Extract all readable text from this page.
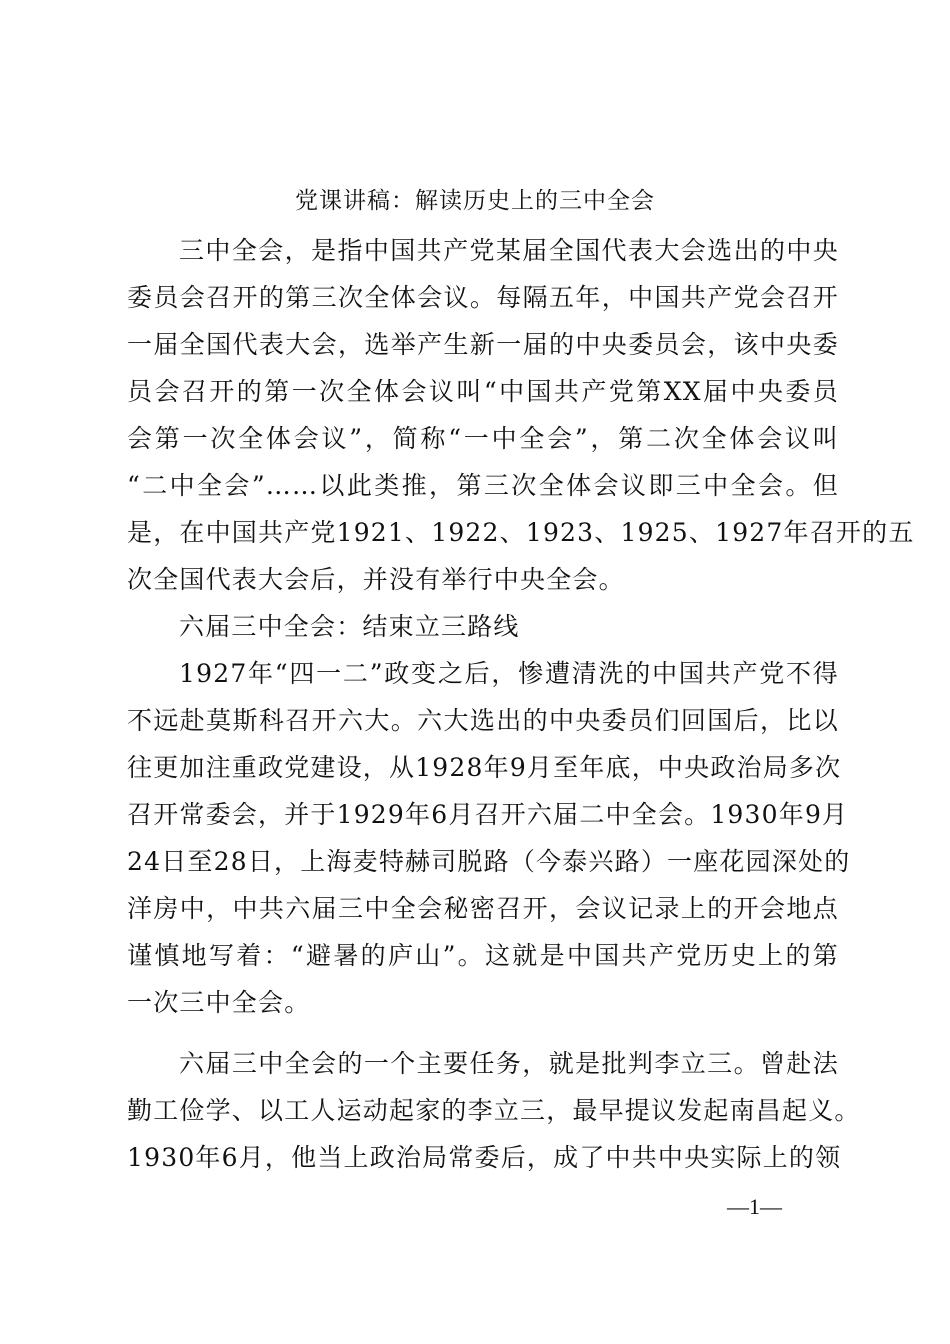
党课讲稿：解读历史上的三中全会
三中全会，是指中国共产党某届全国代表大会选出的中央
委员会召开的第三次全体会议。每隔五年，中国共产党会召开
一届全国代表大会，选举产生新一届的中央委员会，该中央委
员会召开的第一次全体会议叫“中国共产党第XX届中央委员
会第一次全体会议”，简称“一中全会”，第二次全体会议叫
“二中全会”……以此类推，第三次全体会议即三中全会。但
是，在中国共产党1921、1922、1923、1925、1927年召开的五
次全国代表大会后，并没有举行中央全会。
六届三中全会：结束立三路线
1927年“四一二”政变之后，惨遭清洗的中国共产党不得
不远赴莫斯科召开六大。六大选出的中央委员们回国后，比以
往更加注重政党建设，从1928年9月至年底，中央政治局多次
召开常委会，并于1929年6月召开六届二中全会。1930年9月
24日至28日，上海麦特赫司脱路（今泰兴路）一座花园深处的
洋房中，中共六届三中全会秘密召开，会议记录上的开会地点
谨慎地写着：“避暑的庐山”。这就是中国共产党历史上的第
一次三中全会。
六届三中全会的一个主要任务，就是批判李立三。曾赴法
勤工俭学、以工人运动起家的李立三，最早提议发起南昌起义。
1930年6月，他当上政治局常委后，成了中共中央实际上的领
—1—
